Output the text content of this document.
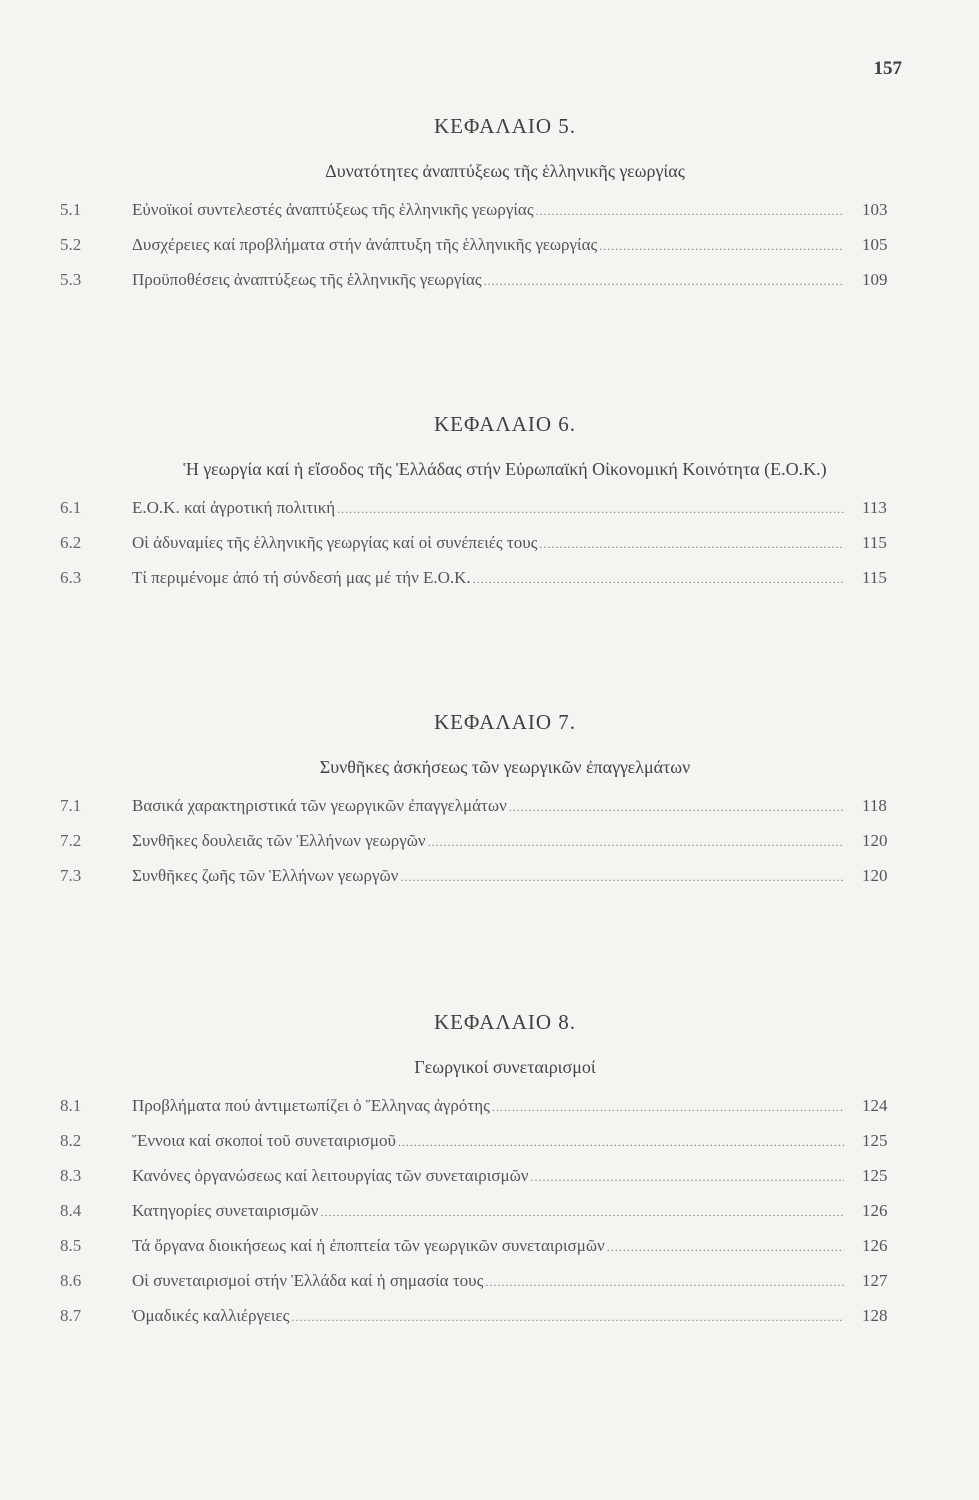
157
ΚΕΦΑΛΑΙΟ 5.
Δυνατότητες ἀναπτύξεως τῆς ἑλληνικῆς γεωργίας
5.1	Εὐνοϊκοί συντελεστές ἀναπτύξεως τῆς ἑλληνικῆς γεωργίας .....	103
5.2	Δυσχέρειες καί προβλήματα στήν ἀνάπτυξη τῆς ἑλληνικῆς γεωργίας .....	105
5.3	Προϋποθέσεις ἀναπτύξεως τῆς ἑλληνικῆς γεωργίας .....	109
ΚΕΦΑΛΑΙΟ 6.
Ἡ γεωργία καί ἡ εἴσοδος τῆς Ἑλλάδας στήν Εὐρωπαϊκή Οἰκονομική Κοινότητα (Ε.Ο.Κ.)
6.1	Ε.Ο.Κ. καί ἀγροτική πολιτική .....	113
6.2	Οἱ ἀδυναμίες τῆς ἑλληνικῆς γεωργίας καί οἱ συνέπειές τους .....	115
6.3	Τί περιμένομε ἀπό τή σύνδεσή μας μέ τήν Ε.Ο.Κ. .....	115
ΚΕΦΑΛΑΙΟ 7.
Συνθῆκες ἀσκήσεως τῶν γεωργικῶν ἐπαγγελμάτων
7.1	Βασικά χαρακτηριστικά τῶν γεωργικῶν ἐπαγγελμάτων .....	118
7.2	Συνθῆκες δουλειᾶς τῶν Ἑλλήνων γεωργῶν .....	120
7.3	Συνθῆκες ζωῆς τῶν Ἑλλήνων γεωργῶν .....	120
ΚΕΦΑΛΑΙΟ 8.
Γεωργικοί συνεταιρισμοί
8.1	Προβλήματα πού ἀντιμετωπίζει ὁ Ἕλληνας ἀγρότης .....	124
8.2	Ἔννοια καί σκοποί τοῦ συνεταιρισμοῦ .....	125
8.3	Κανόνες ὀργανώσεως καί λειτουργίας τῶν συνεταιρισμῶν .....	125
8.4	Κατηγορίες συνεταιρισμῶν .....	126
8.5	Τά ὄργανα διοικήσεως καί ἡ ἐποπτεία τῶν γεωργικῶν συνεταιρισμῶν .....	126
8.6	Οἱ συνεταιρισμοί στήν Ἑλλάδα καί ἡ σημασία τους .....	127
8.7	Ὁμαδικές καλλιέργειες .....	128
